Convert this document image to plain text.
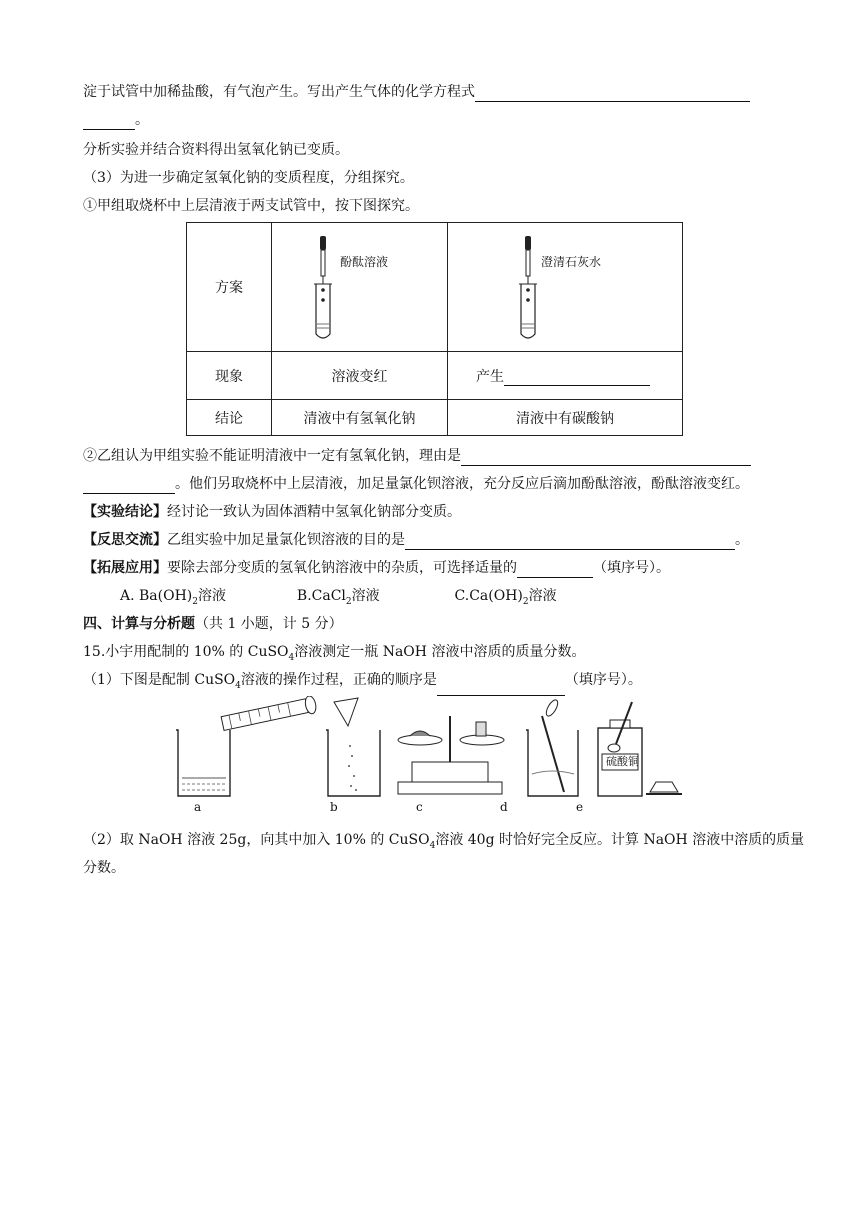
淀于试管中加稀盐酸，有气泡产生。写出产生气体的化学方程式
。
分析实验并结合资料得出氢氧化钠已变质。
（3）为进一步确定氢氧化钠的变质程度，分组探究。
①甲组取烧杯中上层清液于两支试管中，按下图探究。
方案	酚酞溶液	澄清石灰水

现象	溶液变红	产生
结论	清液中有氢氧化钠	清液中有碳酸钠
②乙组认为甲组实验不能证明清液中一定有氢氧化钠，理由是
。他们另取烧杯中上层清液，加足量氯化钡溶液，充分反应后滴加酚酞溶液，酚酞溶液变红。
【实验结论】经讨论一致认为固体酒精中氢氧化钠部分变质。
【反思交流】乙组实验中加足量氯化钡溶液的目的是	。
【拓展应用】要除去部分变质的氢氧化钠溶液中的杂质，可选择适量的	（填序号）。
A. $Ba(OH)_2$溶液	B.CaCl$_2$溶液	$C.Ca(OH)_2$溶液
四、计算与分析题（共 1 小题，计 5 分）
15.小宇用配制的 10% 的 CuSO$_4$溶液测定一瓶 NaOH 溶液中溶质的质量分数。
（1）下图是配制 CuSO$_4$溶液的操作过程，正确的顺序是	（填序号）。
硫酸铜
a	b	c	d	e
（2）取 NaOH 溶液 25g，向其中加入 10% 的 CuSO$_4$溶液 40g 时恰好完全反应。计算 NaOH 溶液中溶质的质量
分数。
